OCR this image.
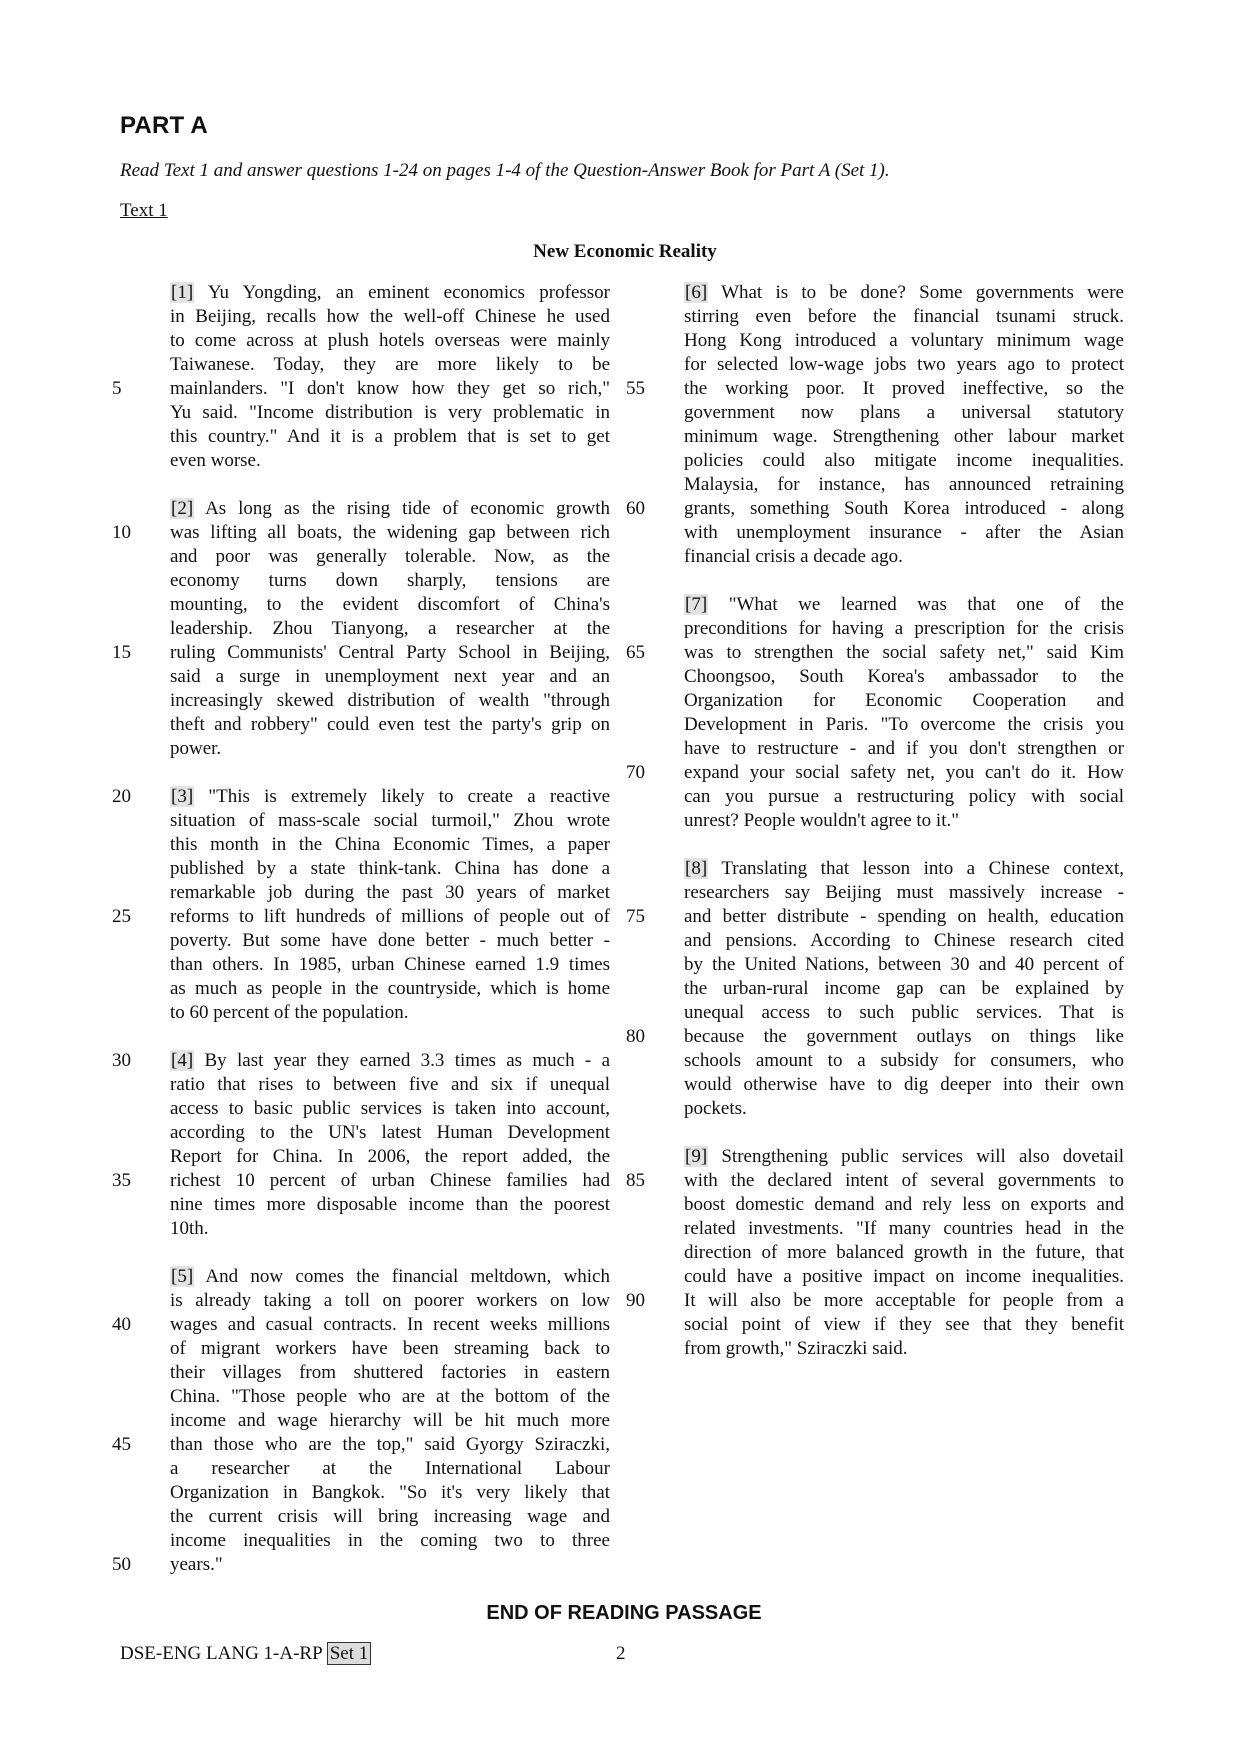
PART A
Read Text 1 and answer questions 1-24 on pages 1-4 of the Question-Answer Book for Part A (Set 1).
Text 1
New Economic Reality
[1] Yu Yongding, an eminent economics professor
in Beijing, recalls how the well-off Chinese he used
to come across at plush hotels overseas were mainly
Taiwanese. Today, they are more likely to be
5	mainlanders. "I don't know how they get so rich,"
Yu said. "Income distribution is very problematic in
this country." And it is a problem that is set to get
even worse.
[2] As long as the rising tide of economic growth
10	was lifting all boats, the widening gap between rich
and poor was generally tolerable. Now, as the
economy turns down sharply, tensions are
mounting, to the evident discomfort of China's
leadership. Zhou Tianyong, a researcher at the
15	ruling Communists' Central Party School in Beijing,
said a surge in unemployment next year and an
increasingly skewed distribution of wealth "through
theft and robbery" could even test the party's grip on
power.
20	[3] "This is extremely likely to create a reactive
situation of mass-scale social turmoil," Zhou wrote
this month in the China Economic Times, a paper
published by a state think-tank. China has done a
remarkable job during the past 30 years of market
25	reforms to lift hundreds of millions of people out of
poverty. But some have done better - much better -
than others. In 1985, urban Chinese earned 1.9 times
as much as people in the countryside, which is home
to 60 percent of the population.
30	[4] By last year they earned 3.3 times as much - a
ratio that rises to between five and six if unequal
access to basic public services is taken into account,
according to the UN's latest Human Development
Report for China. In 2006, the report added, the
35	richest 10 percent of urban Chinese families had
nine times more disposable income than the poorest
10th.
[5] And now comes the financial meltdown, which
is already taking a toll on poorer workers on low
40	wages and casual contracts. In recent weeks millions
of migrant workers have been streaming back to
their villages from shuttered factories in eastern
China. "Those people who are at the bottom of the
income and wage hierarchy will be hit much more
45	than those who are the top," said Gyorgy Sziraczki,
a researcher at the International Labour
Organization in Bangkok. "So it's very likely that
the current crisis will bring increasing wage and
income inequalities in the coming two to three
50	years."
[6] What is to be done? Some governments were
stirring even before the financial tsunami struck.
Hong Kong introduced a voluntary minimum wage
for selected low-wage jobs two years ago to protect
55	the working poor. It proved ineffective, so the
government now plans a universal statutory
minimum wage. Strengthening other labour market
policies could also mitigate income inequalities.
Malaysia, for instance, has announced retraining
60	grants, something South Korea introduced - along
with unemployment insurance - after the Asian
financial crisis a decade ago.
[7] "What we learned was that one of the
preconditions for having a prescription for the crisis
65	was to strengthen the social safety net," said Kim
Choongsoo, South Korea's ambassador to the
Organization for Economic Cooperation and
Development in Paris. "To overcome the crisis you
have to restructure - and if you don't strengthen or
70	expand your social safety net, you can't do it. How
can you pursue a restructuring policy with social
unrest? People wouldn't agree to it."
[8] Translating that lesson into a Chinese context,
researchers say Beijing must massively increase -
75	and better distribute - spending on health, education
and pensions. According to Chinese research cited
by the United Nations, between 30 and 40 percent of
the urban-rural income gap can be explained by
unequal access to such public services. That is
80	because the government outlays on things like
schools amount to a subsidy for consumers, who
would otherwise have to dig deeper into their own
pockets.
[9] Strengthening public services will also dovetail
85	with the declared intent of several governments to
boost domestic demand and rely less on exports and
related investments. "If many countries head in the
direction of more balanced growth in the future, that
could have a positive impact on income inequalities.
90	It will also be more acceptable for people from a
social point of view if they see that they benefit
from growth," Sziraczki said.
END OF READING PASSAGE
DSE-ENG LANG 1-A-RP Set 1	2
